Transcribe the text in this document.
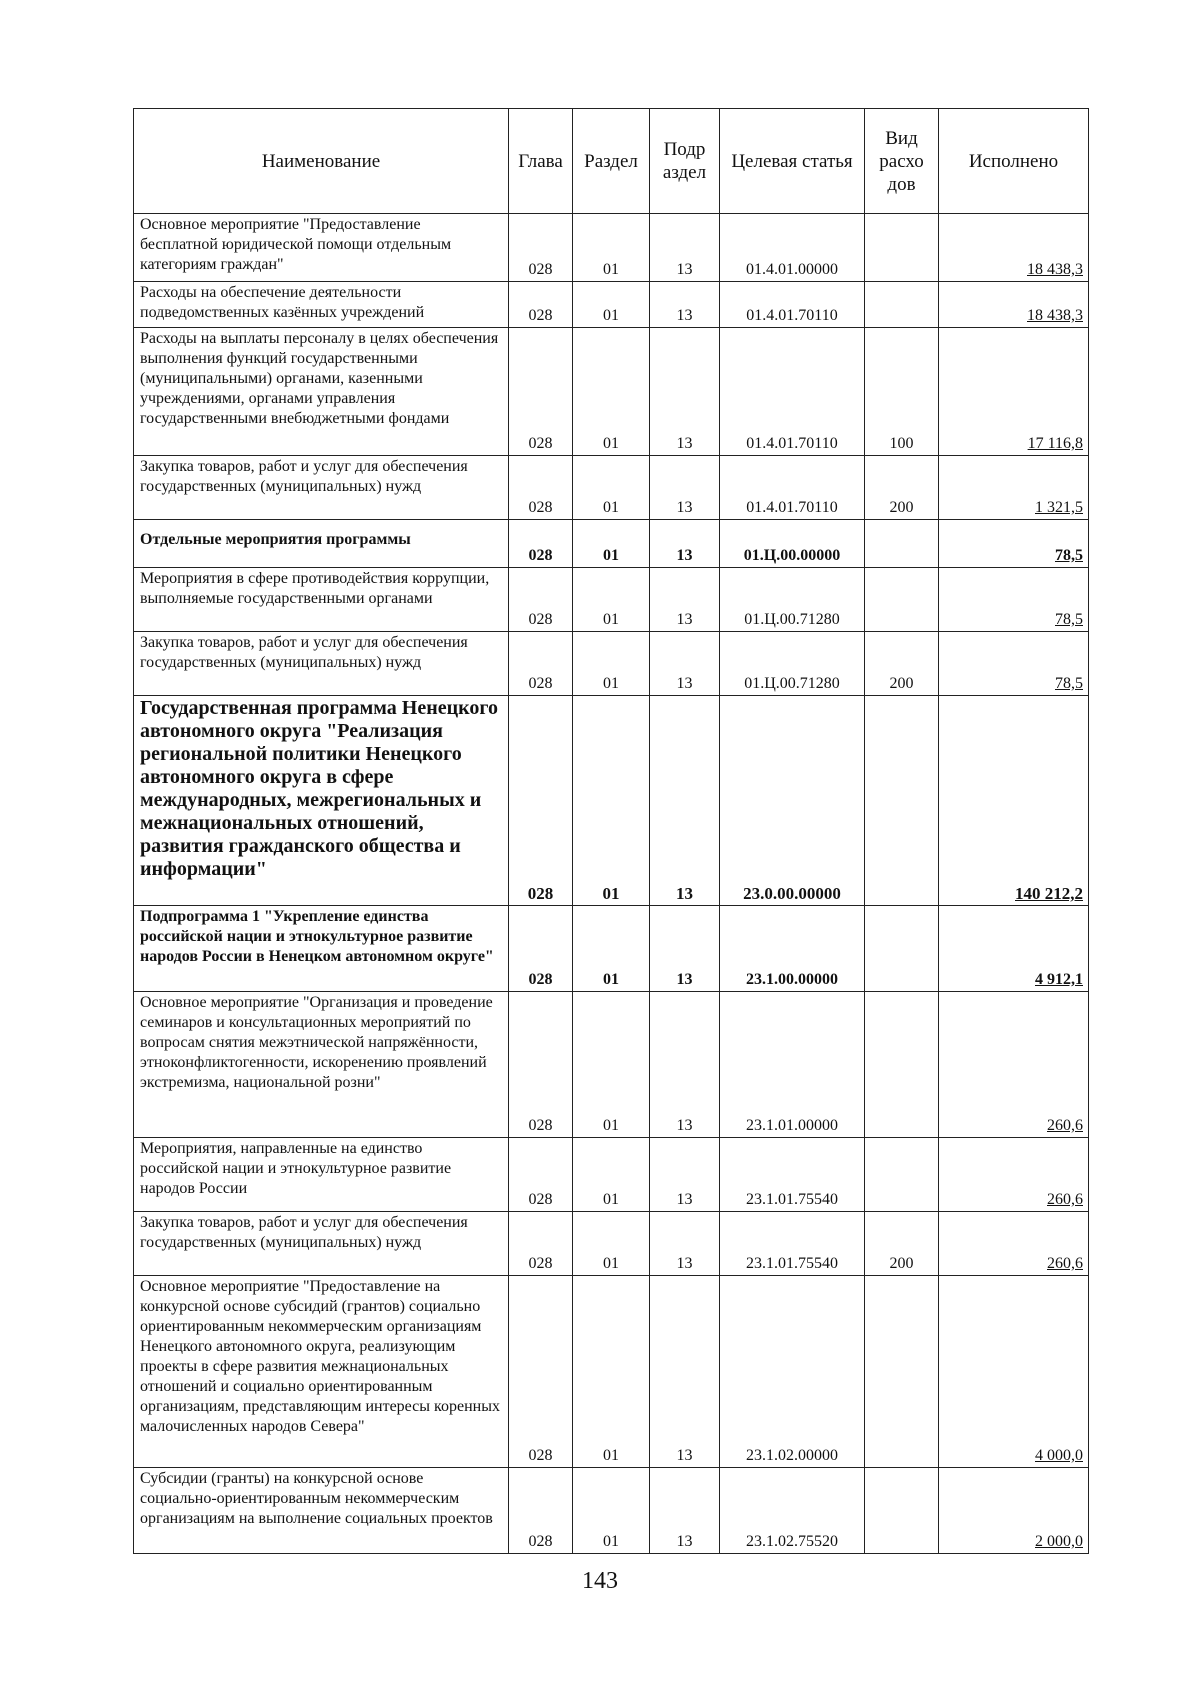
Наименование	Глава	Раздел	Подр аздел	Целевая статья	Вид расхо дов	Исполнено
Основное мероприятие "Предоставление бесплатной юридической помощи отдельным категориям граждан"	028	01	13	01.4.01.00000		18 438,3
Расходы на обеспечение деятельности подведомственных казённых учреждений	028	01	13	01.4.01.70110		18 438,3
Расходы на выплаты персоналу в целях обеспечения выполнения функций государственными (муниципальными) органами, казенными учреждениями, органами управления государственными внебюджетными фондами	028	01	13	01.4.01.70110	100	17 116,8
Закупка товаров, работ и услуг для обеспечения государственных (муниципальных) нужд	028	01	13	01.4.01.70110	200	1 321,5
Отдельные мероприятия программы	028	01	13	01.Ц.00.00000		78,5
Мероприятия в сфере противодействия коррупции, выполняемые государственными органами	028	01	13	01.Ц.00.71280		78,5
Закупка товаров, работ и услуг для обеспечения государственных (муниципальных) нужд	028	01	13	01.Ц.00.71280	200	78,5
Государственная программа Ненецкого автономного округа "Реализация региональной политики Ненецкого автономного округа в сфере международных, межрегиональных и межнациональных отношений, развития гражданского общества и информации"	028	01	13	23.0.00.00000		140 212,2
Подпрограмма 1 "Укрепление единства российской нации и этнокультурное развитие народов России в Ненецком автономном округе"	028	01	13	23.1.00.00000		4 912,1
Основное мероприятие "Организация и проведение семинаров и консультационных мероприятий по вопросам снятия межэтнической напряжённости, этноконфликтогенности, искоренению проявлений экстремизма, национальной розни"	028	01	13	23.1.01.00000		260,6
Мероприятия, направленные на единство российской нации и этнокультурное развитие народов России	028	01	13	23.1.01.75540		260,6
Закупка товаров, работ и услуг для обеспечения государственных (муниципальных) нужд	028	01	13	23.1.01.75540	200	260,6
Основное мероприятие "Предоставление на конкурсной основе субсидий (грантов) социально ориентированным некоммерческим организациям Ненецкого автономного округа, реализующим проекты в сфере развития межнациональных отношений и социально ориентированным организациям, представляющим интересы коренных малочисленных народов Севера"	028	01	13	23.1.02.00000		4 000,0
Субсидии (гранты) на конкурсной основе социально-ориентированным некоммерческим организациям на выполнение социальных проектов	028	01	13	23.1.02.75520		2 000,0
143
